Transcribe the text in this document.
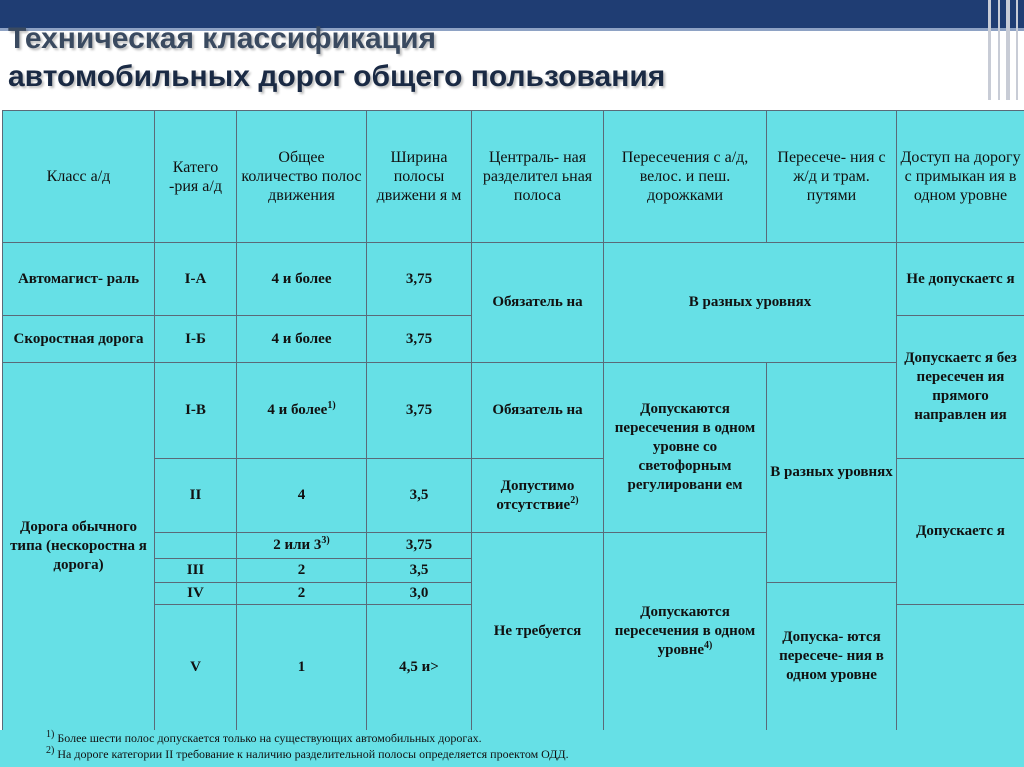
Техническая классификация
автомобильных дорог общего пользования
Класс а/д	Катего -рия а/д	Общее количество полос движения	Ширина полосы движени я м	Централь- ная разделител ьная полоса	Пересечения с а/д, велос. и пеш. дорожками	Пересече- ния с ж/д и трам. путями	Доступ на дорогу с примыкан ия в одном уровне
Автомагист- раль	I-А	4 и более	3,75	Обязатель на	В разных уровнях		Не допускаетс я
Скоростная дорога	I-Б	4 и более	3,75				Допускаетс я без пересечен ия прямого направлен ия
Дорога обычного типа (нескоростна я дорога)	I-В	4 и более$^{1)}$	3,75	Обязатель на	Допускаются пересечения в одном уровне со светофорным регулировани ем	В разных уровнях	
	II	4	3,5	Допустимо отсутствие$^{2)}$			Допускаетс я
		2 или 3$^{3)}$	3,75	Не требуется	Допускаются пересечения в одном уровне$^{4)}$
	III	2	3,5				
	IV	2	3,0			Допуска- ются пересече- ния в одном уровне	
	V	1	4,5 и>				
$^{1)}$ Более шести полос допускается только на существующих автомобильных дорогах.
$^{2)}$ На дороге категории II требование к наличию разделительной полосы определяется проектом ОДД.
